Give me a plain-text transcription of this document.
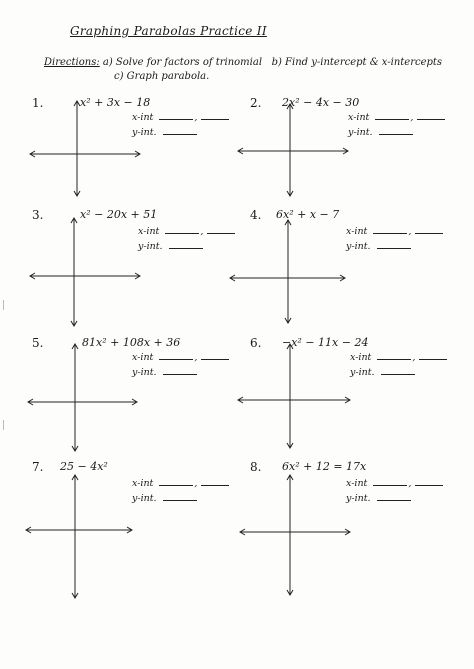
Graphing Parabolas Practice II
Directions: a) Solve for factors of trinomial b) Find y-intercept & x-intercepts
c) Graph parabola.
1.	x² + 3x − 18
x-int	,
y-int.
2. 2x² − 4x − 30
x-int	,
y-int.
3.	x² − 20x + 51
x-int	,
y-int.
4. 6x² + x − 7
x-int	,
y-int.
5.	81x² + 108x + 36
x-int	,
y-int.
6. −x² − 11x − 24
x-int	,
y-int.
7. 25 − 4x²
x-int	,
y-int.
8. 6x² + 12 = 17x
x-int	,
y-int.
